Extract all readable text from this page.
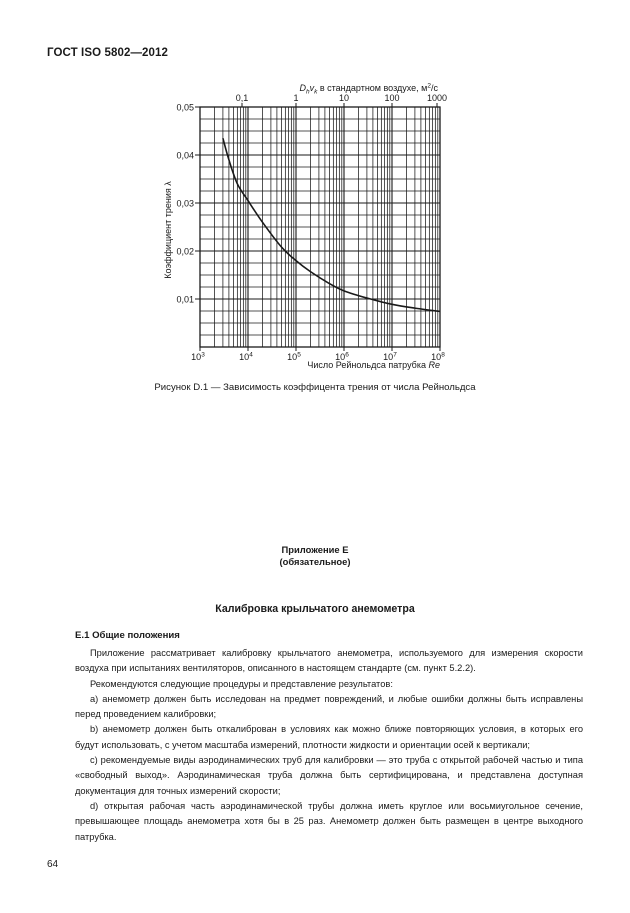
ГОСТ ISO 5802—2012
0,01
0,02
0,03
0,04
0,05
$10^3$	$10^4$	$10^5$	$10^6$	$10^7$	$10^8$
0,1	1	10	100	1000
$D_hv_k$ в стандартном воздухе, $м^2/c$
Коэффициент трения λ
Число Рейнольдса патрубка Re
Рисунок D.1 — Зависимость коэффицента трения от числа Рейнольдса
Приложение Е
(обязательное)
Калибровка крыльчатого анемометра
Е.1 Общие положения

Приложение рассматривает калибровку крыльчатого анемометра, используемого для измерения скорости воздуха при испытаниях вентиляторов, описанного в настоящем стандарте (см. пункт 5.2.2).

Рекомендуются следующие процедуры и представление результатов:

a) анемометр должен быть исследован на предмет повреждений, и любые ошибки должны быть исправлены перед проведением калибровки;

b) анемометр должен быть откалиброван в условиях как можно ближе повторяющих условия, в которых его будут использовать, с учетом масштаба измерений, плотности жидкости и ориентации осей к вертикали;

c) рекомендуемые виды аэродинамических труб для калибровки — это труба с открытой рабочей частью и типа «свободный выход». Аэродинамическая труба должна быть сертифицирована, и представлена доступная документация для точных измерений скорости;

d) открытая рабочая часть аэродинамической трубы должна иметь круглое или восьмиугольное сечение, превышающее площадь анемометра хотя бы в 25 раз. Анемометр должен быть размещен в центре выходного патрубка.

64
